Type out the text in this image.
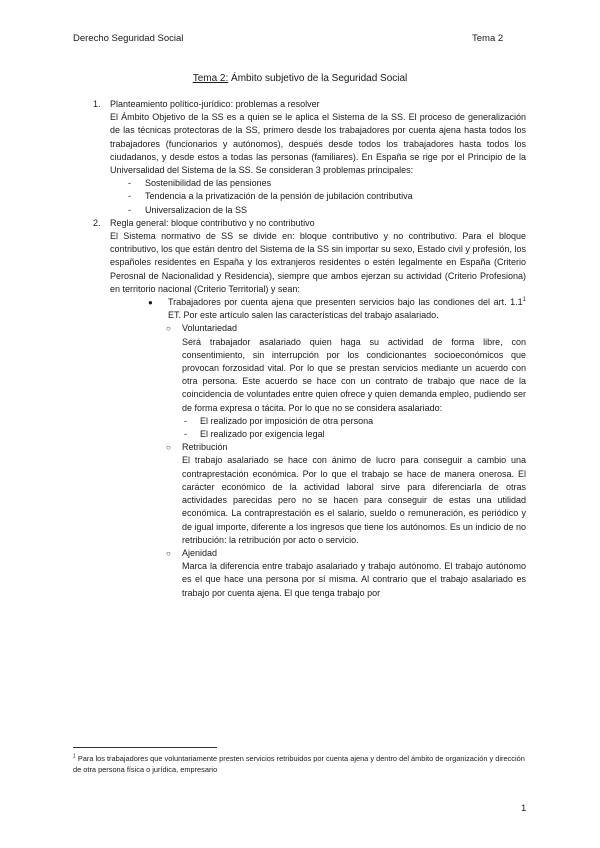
Derecho Seguridad Social	Tema 2
Tema 2: Ámbito subjetivo de la Seguridad Social
1. Planteamiento político-jurídico: problemas a resolver
El Ámbito Objetivo de la SS es a quien se le aplica el Sistema de la SS. El proceso de generalización de las técnicas protectoras de la SS, primero desde los trabajadores por cuenta ajena hasta todos los trabajadores (funcionarios y autónomos), después desde todos los trabajadores hasta todos los ciudadanos, y desde estos a todas las personas (familiares). En España se rige por el Principio de la Universalidad del Sistema de la SS. Se consideran 3 problemas principales:
- Sostenibilidad de las pensiones
- Tendencia a la privatización de la pensión de jubilación contributiva
- Universalizacion de la SS
2. Regla general: bloque contributivo y no contributivo
El Sistema normativo de SS se divide en: bloque contributivo y no contributivo. Para el bloque contributivo, los que están dentro del Sistema de la SS sin importar su sexo, Estado civil y profesión, los españoles residentes en España y los extranjeros residentes o estén legalmente en España (Criterio Perosnal de Nacionalidad y Residencia), siempre que ambos ejerzan su actividad (Criterio Profesiona) en territorio nacional (Criterio Territorial) y sean:
● Trabajadores por cuenta ajena que presenten servicios bajo las condiones del art. $1.1^1$ ET. Por este artículo salen las características del trabajo asalariado.
○ Voluntariedad
Será trabajador asalariado quien haga su actividad de forma libre, con consentimiento, sin interrupción por los condicionantes socioeconómicos que provocan forzosidad vital. Por lo que se prestan servicios mediante un acuerdo con otra persona. Este acuerdo se hace con un contrato de trabajo que nace de la coincidencia de voluntades entre quien ofrece y quien demanda empleo, pudiendo ser de forma expresa o tácita. Por lo que no se considera asalariado:
- El realizado por imposición de otra persona
- El realizado por exigencia legal
○ Retribución
El trabajo asalariado se hace con ánimo de lucro para conseguir a cambio una contraprestación económica. Por lo que el trabajo se hace de manera onerosa. El carácter económico de la actividad laboral sirve para diferenciarla de otras actividades parecidas pero no se hacen para conseguir de estas una utilidad económica. La contraprestación es el salario, sueldo o remuneración, es periódico y de igual importe, diferente a los ingresos que tiene los autónomos. Es un indicio de no retribución: la retribución por acto o servicio.
○ Ajenidad
Marca la diferencia entre trabajo asalariado y trabajo autónomo. El trabajo autónomo es el que hace una persona por sí misma. Al contrario que el trabajo asalariado es trabajo por cuenta ajena. El que tenga trabajo por
$^1$ Para los trabajadores que voluntariamente presten servicios retribuidos por cuenta ajena y dentro del ámbito de organización y dirección de otra persona física o jurídica, empresario
1
